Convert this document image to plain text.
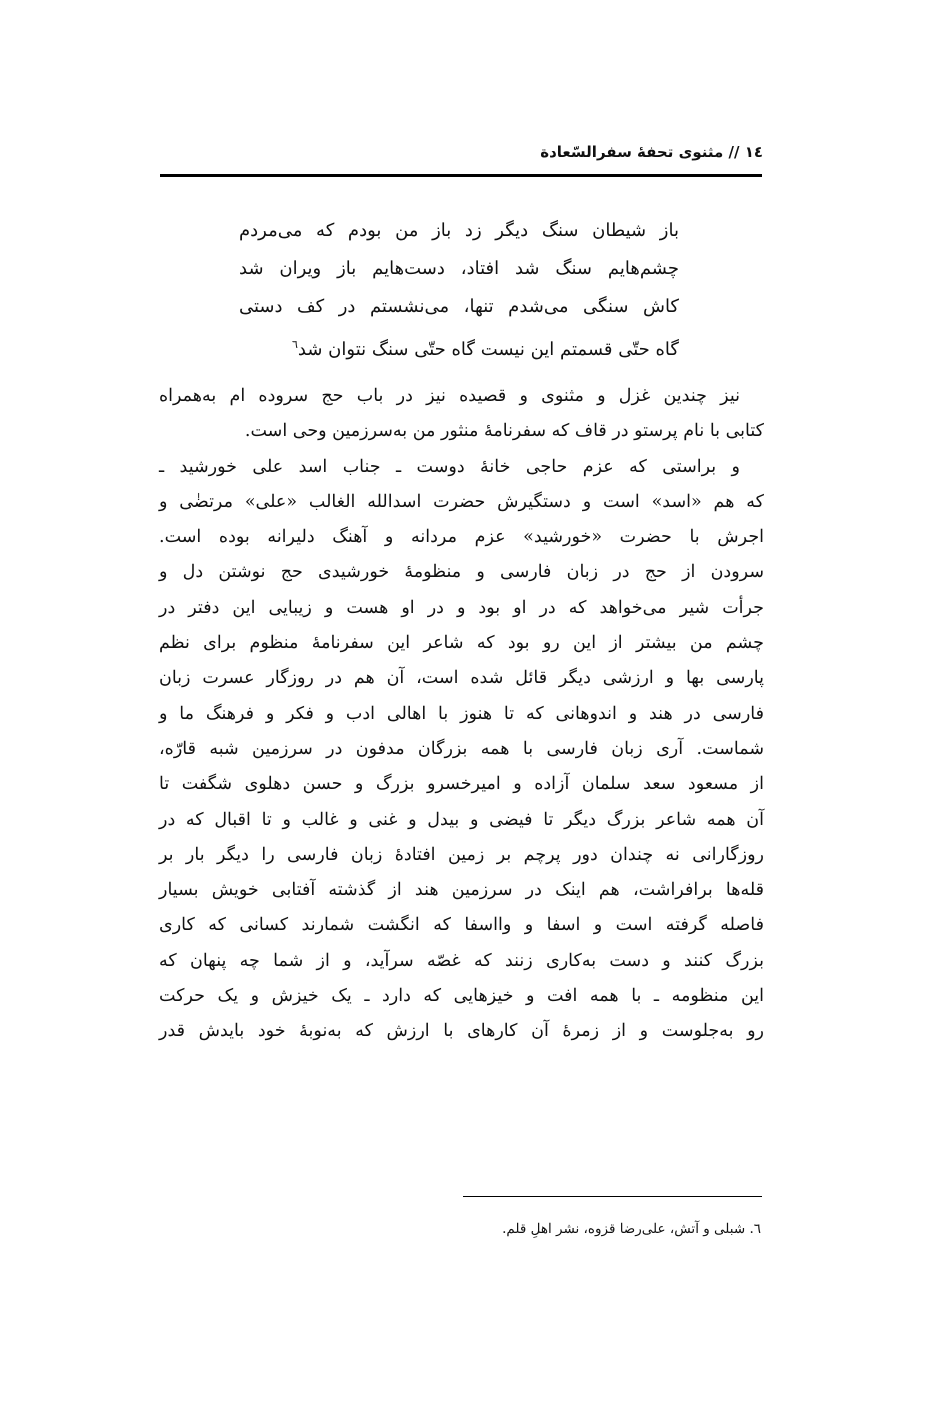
١٤ // مثنوی تحفهٔ سفرالسّعادة
باز شیطان سنگ دیگر زد باز من بودم که می‌مردم
چشم‌هایم سنگ شد افتاد، دست‌هایم باز ویران شد
کاش سنگی می‌شدم تنها، می‌نشستم در کف دستی
گاه حتّی قسمتم این نیست گاه حتّی سنگ نتوان شد$^٦$
نیز چندین غزل و مثنوی و قصیده نیز در باب حج سروده ام به‌همراه
کتابی با نام پرستو در قاف که سفرنامهٔ منثور من به‌سرزمین وحی است.
و براستی که عزم حاجی خانهٔ دوست ـ جناب اسد علی خورشید ـ
که هم «اسد» است و دستگیرش حضرت اسدالله الغالب «علی» مرتضٰی و
اجرش با حضرت «خورشید» عزم مردانه و آهنگ دلیرانه بوده است.
سرودن از حج در زبان فارسی و منظومهٔ خورشیدی حج نوشتن دل و
جرأت شیر می‌خواهد که در او بود و در او هست و زیبایی این دفتر در
چشم من بیشتر از این رو بود که شاعر این سفرنامهٔ منظوم برای نظم
پارسی بها و ارزشی دیگر قائل شده است، آن هم در روزگار عسرت زبان
فارسی در هند و اندوهانی که تا هنوز با اهالی ادب و فکر و فرهنگ ما و
شماست. آری زبان فارسی با همه بزرگان مدفون در سرزمین شبه قارّه،
از مسعود سعد سلمان آزاده و امیرخسرو بزرگ و حسن دهلوی شگفت تا
آن همه شاعر بزرگ دیگر تا فیضی و بیدل و غنی و غالب و تا اقبال که در
روزگارانی نه چندان دور پرچم بر زمین افتادهٔ زبان فارسی را دیگر بار بر
قله‌ها برافراشت، هم اینک در سرزمین هند از گذشته آفتابی خویش بسیار
فاصله گرفته است و اسفا و وااسفا که انگشت شمارند کسانی که کاری
بزرگ کنند و دست به‌کاری زنند که غصّه سرآید، و از شما چه پنهان که
این منظومه ـ با همه افت و خیزهایی که دارد ـ یک خیزش و یک حرکت
رو به‌جلوست و از زمرهٔ آن کارهای با ارزش که به‌نوبهٔ خود بایدش قدر
٦. شبلی و آتش، علی‌رضا قزوه، نشر اهلِ قلم.
